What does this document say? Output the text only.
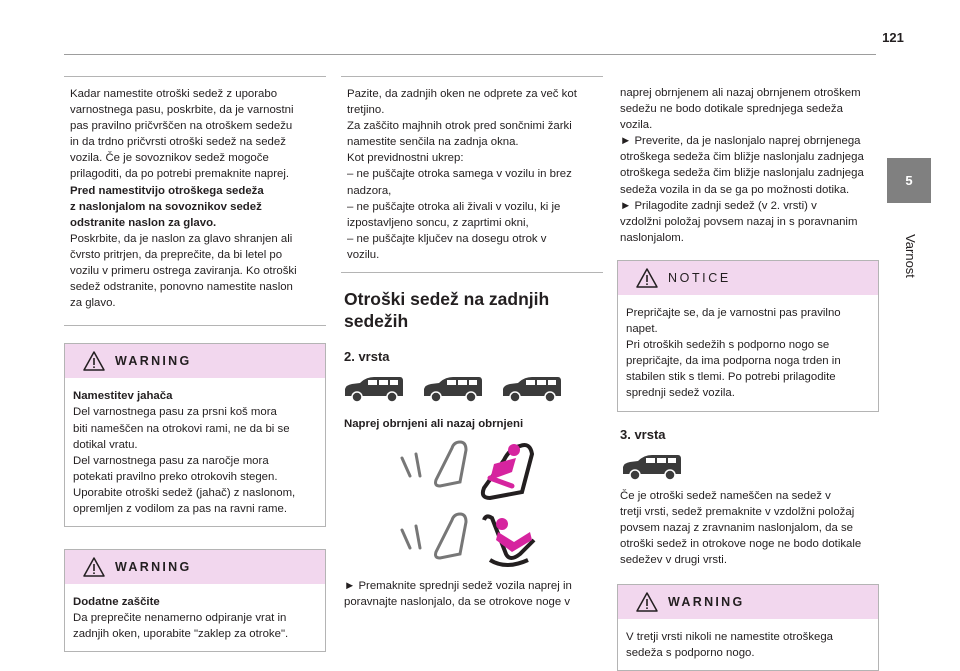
121
5
Varnost
Kadar namestite otroški sedež z uporabo
varnostnega pasu, poskrbite, da je varnostni
pas pravilno pričvrščen na otroškem sedežu
in da trdno pričvrsti otroški sedež na sedež
vozila. Če je sovoznikov sedež mogoče
prilagoditi, da po potrebi premaknite naprej.
Pred namestitvijo otroškega sedeža
z naslonjalom na sovoznikov sedež
odstranite naslon za glavo.
Poskrbite, da je naslon za glavo shranjen ali
čvrsto pritrjen, da preprečite, da bi letel po
vozilu v primeru ostrega zaviranja. Ko otroški
sedež odstranite, ponovno namestite naslon
za glavo.
WARNING
Namestitev jahača
Del varnostnega pasu za prsni koš mora
biti nameščen na otrokovi rami, ne da bi se
dotikal vratu.
Del varnostnega pasu za naročje mora
potekati pravilno preko otrokovih stegen.
Uporabite otroški sedež (jahač) z naslonom,
opremljen z vodilom za pas na ravni rame.
WARNING
Dodatne zaščite
Da preprečite nenamerno odpiranje vrat in
zadnjih oken, uporabite "zaklep za otroke".
Pazite, da zadnjih oken ne odprete za več kot
tretjino.
Za zaščito majhnih otrok pred sončnimi žarki
namestite senčila na zadnja okna.
Kot previdnostni ukrep:
– ne puščajte otroka samega v vozilu in brez
nadzora,
– ne puščajte otroka ali živali v vozilu, ki je
izpostavljeno soncu, z zaprtimi okni,
– ne puščajte ključev na dosegu otrok v
vozilu.
Otroški sedež na zadnjih
sedežih
2. vrsta
Naprej obrnjeni ali nazaj obrnjeni
► Premaknite sprednji sedež vozila naprej in
poravnajte naslonjalo, da se otrokove noge v
naprej obrnjenem ali nazaj obrnjenem otroškem
sedežu ne bodo dotikale sprednjega sedeža
vozila.
► Preverite, da je naslonjalo naprej obrnjenega
otroškega sedeža čim bližje naslonjalu zadnjega
otroškega sedeža čim bližje naslonjalu zadnjega
sedeža vozila in da se ga po možnosti dotika.
► Prilagodite zadnji sedež (v 2. vrsti) v
vzdolžni položaj povsem nazaj in s poravnanim
naslonjalom.
NOTICE
Prepričajte se, da je varnostni pas pravilno
napet.
Pri otroških sedežih s podporno nogo se
prepričajte, da ima podporna noga trden in
stabilen stik s tlemi. Po potrebi prilagodite
sprednji sedež vozila.
3. vrsta
Če je otroški sedež nameščen na sedež v
tretji vrsti, sedež premaknite v vzdolžni položaj
povsem nazaj z zravnanim naslonjalom, da se
otroški sedež in otrokove noge ne bodo dotikale
sedežev v drugi vrsti.
WARNING
V tretji vrsti nikoli ne namestite otroškega
sedeža s podporno nogo.
